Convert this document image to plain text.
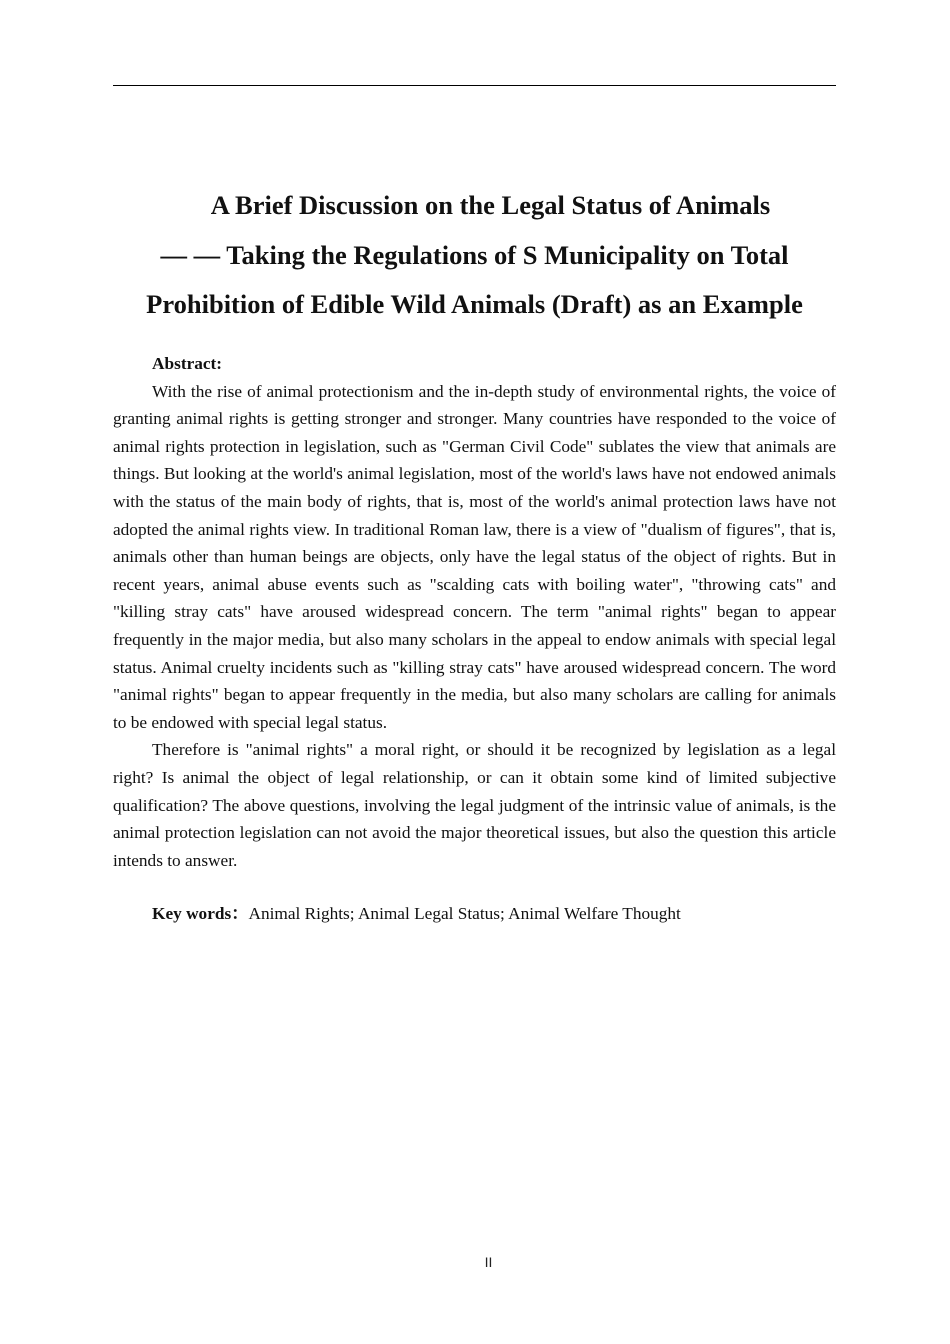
A Brief Discussion on the Legal Status of Animals
— — Taking the Regulations of S Municipality on Total
Prohibition of Edible Wild Animals (Draft) as an Example

Abstract:

With the rise of animal protectionism and the in-depth study of environmental rights, the voice of granting animal rights is getting stronger and stronger. Many countries have responded to the voice of animal rights protection in legislation, such as "German Civil Code" sublates the view that animals are things. But looking at the world's animal legislation, most of the world's laws have not endowed animals with the status of the main body of rights, that is, most of the world's animal protection laws have not adopted the animal rights view. In traditional Roman law, there is a view of "dualism of figures", that is, animals other than human beings are objects, only have the legal status of the object of rights. But in recent years, animal abuse events such as "scalding cats with boiling water", "throwing cats" and "killing stray cats" have aroused widespread concern. The term "animal rights" began to appear frequently in the major media, but also many scholars in the appeal to endow animals with special legal status. Animal cruelty incidents such as "killing stray cats" have aroused widespread concern. The word "animal rights" began to appear frequently in the media, but also many scholars are calling for animals to be endowed with special legal status.

Therefore is "animal rights" a moral right, or should it be recognized by legislation as a legal right? Is animal the object of legal relationship, or can it obtain some kind of limited subjective qualification? The above questions, involving the legal judgment of the intrinsic value of animals, is the animal protection legislation can not avoid the major theoretical issues, but also the question this article intends to answer.

Key words：Animal Rights; Animal Legal Status; Animal Welfare Thought

II
